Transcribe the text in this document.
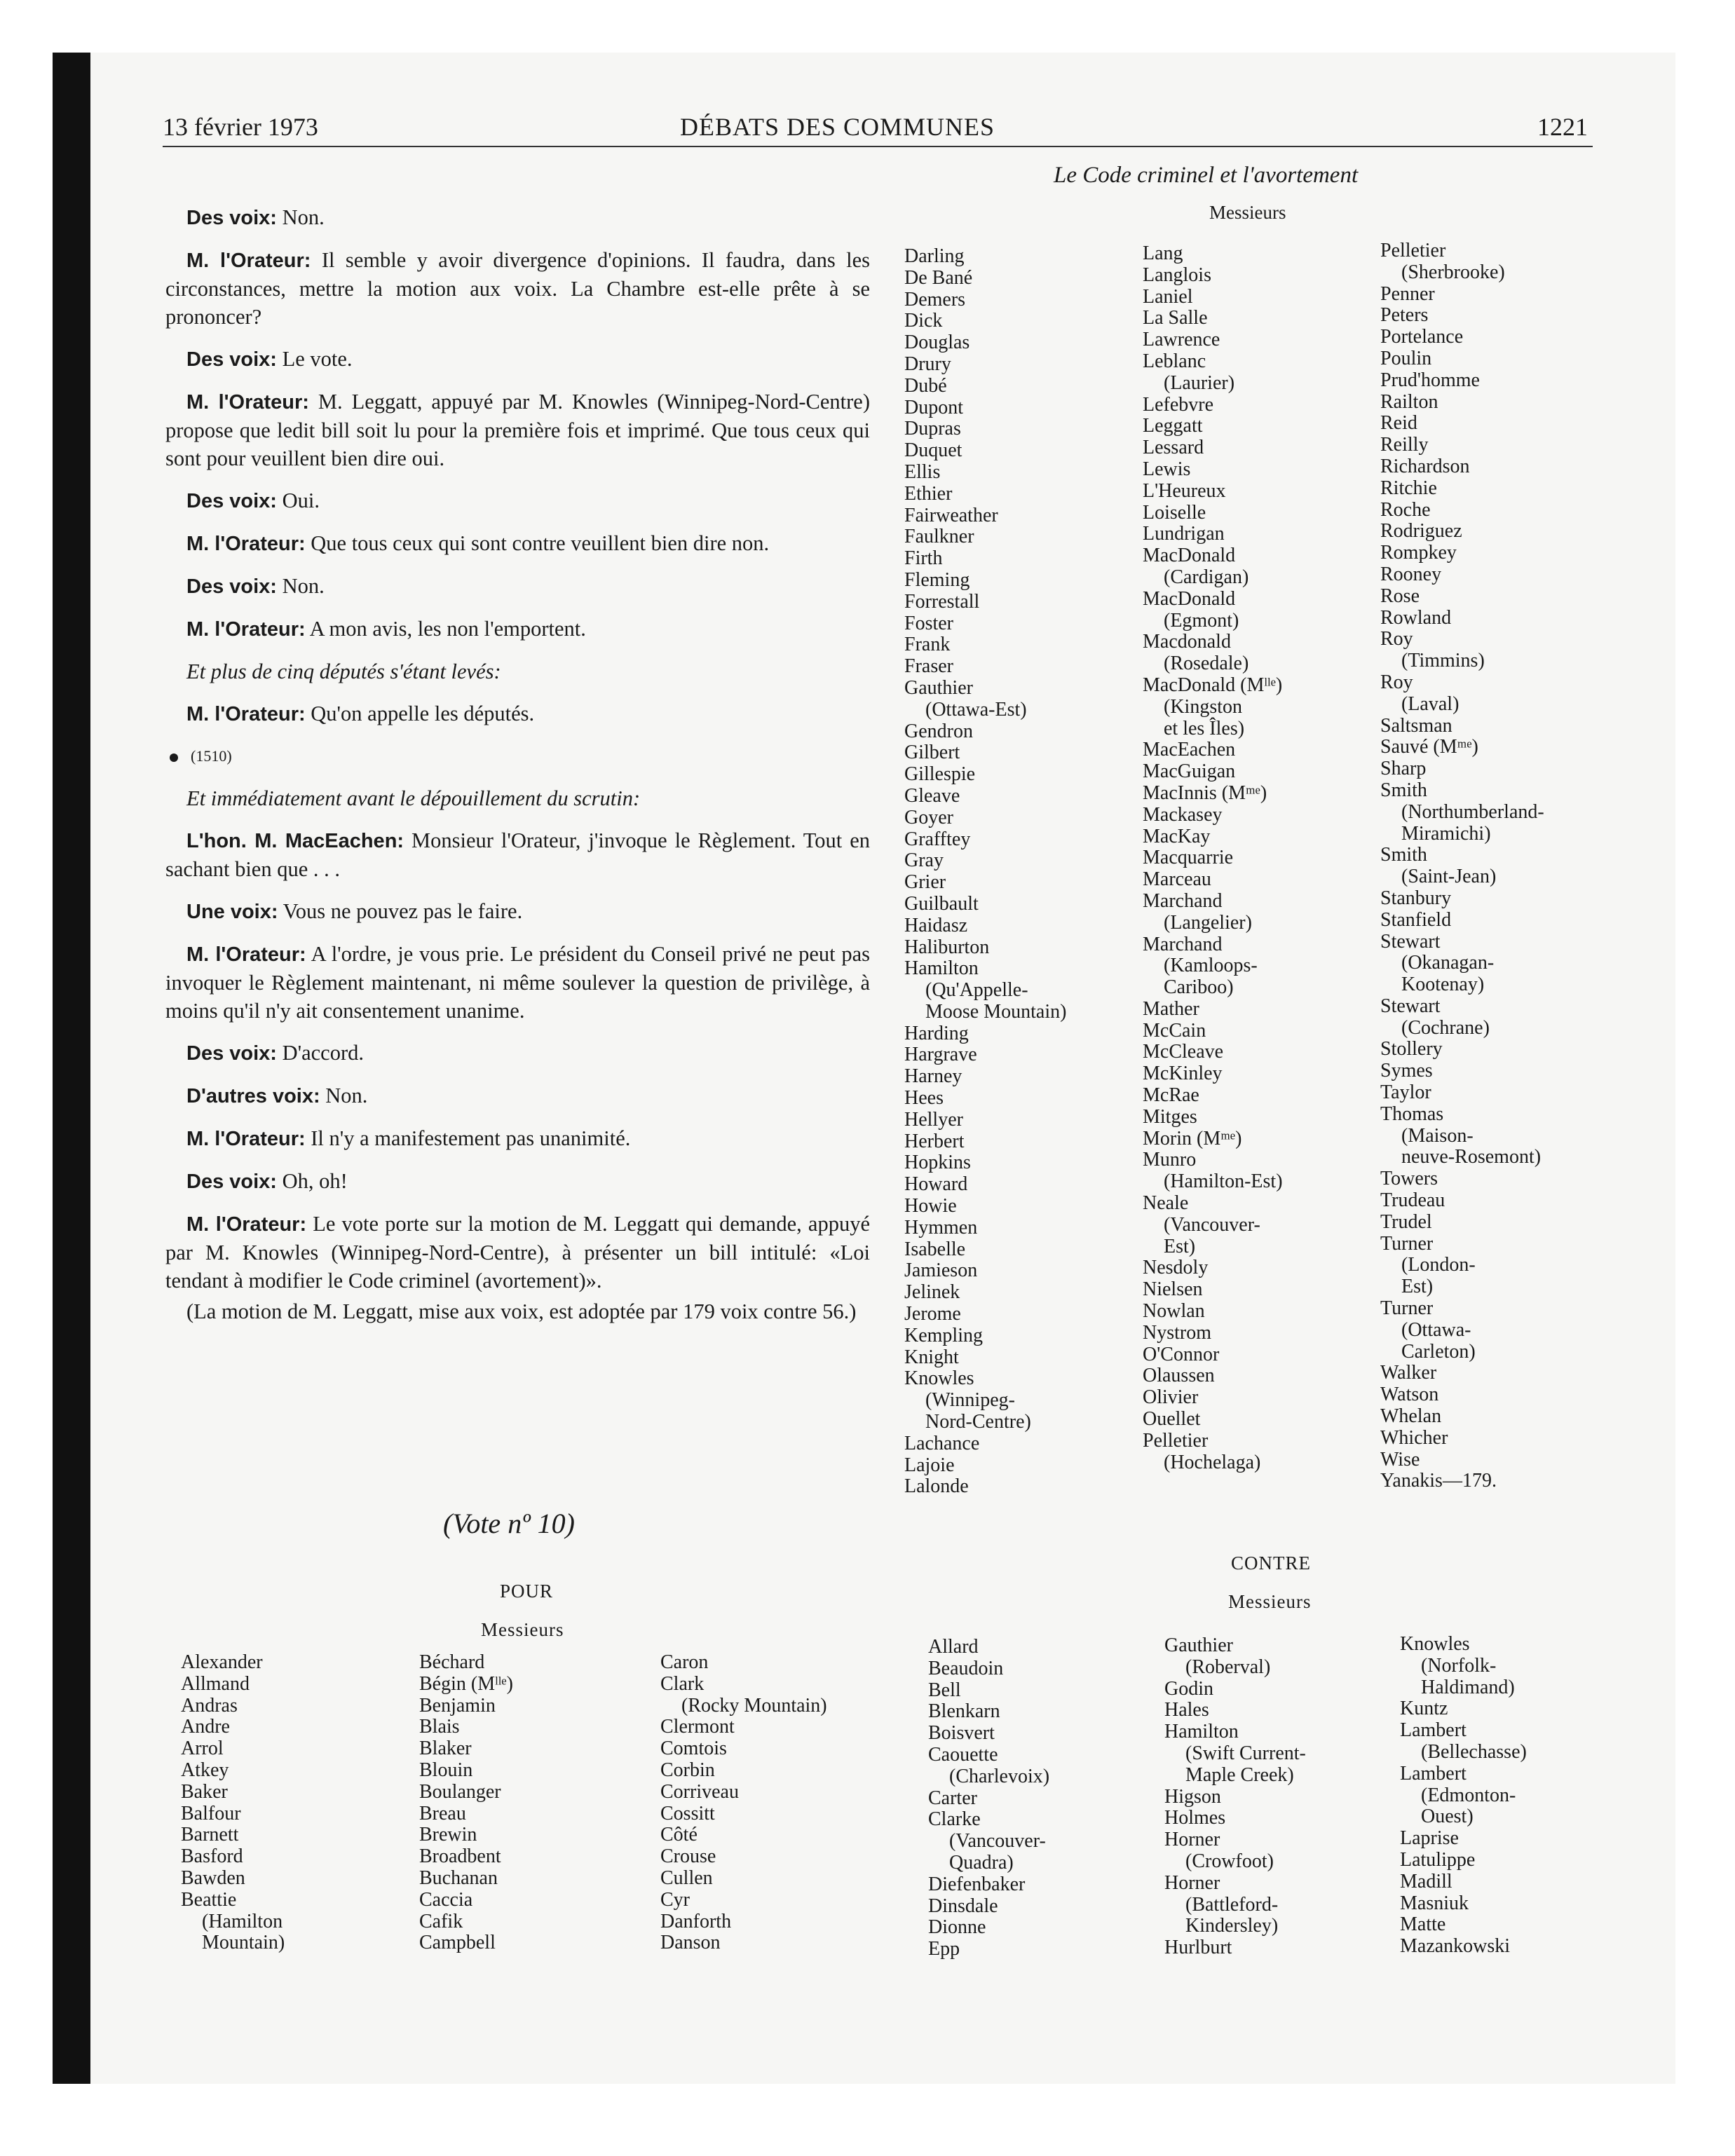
13 février 1973	DÉBATS DES COMMUNES	1221
Des voix: Non.
M. l'Orateur: Il semble y avoir divergence d'opinions. Il faudra, dans les circonstances, mettre la motion aux voix. La Chambre est-elle prête à se prononcer?
Des voix: Le vote.
M. l'Orateur: M. Leggatt, appuyé par M. Knowles (Winnipeg-Nord-Centre) propose que ledit bill soit lu pour la première fois et imprimé. Que tous ceux qui sont pour veuillent bien dire oui.
Des voix: Oui.
M. l'Orateur: Que tous ceux qui sont contre veuillent bien dire non.
Des voix: Non.
M. l'Orateur: A mon avis, les non l'emportent.
Et plus de cinq députés s'étant levés:
M. l'Orateur: Qu'on appelle les députés.
(1510)
Et immédiatement avant le dépouillement du scrutin:
L'hon. M. MacEachen: Monsieur l'Orateur, j'invoque le Règlement. Tout en sachant bien que . . .
Une voix: Vous ne pouvez pas le faire.
M. l'Orateur: A l'ordre, je vous prie. Le président du Conseil privé ne peut pas invoquer le Règlement maintenant, ni même soulever la question de privilège, à moins qu'il n'y ait consentement unanime.
Des voix: D'accord.
D'autres voix: Non.
M. l'Orateur: Il n'y a manifestement pas unanimité.
Des voix: Oh, oh!
M. l'Orateur: Le vote porte sur la motion de M. Leggatt qui demande, appuyé par M. Knowles (Winnipeg-Nord-Centre), à présenter un bill intitulé: «Loi tendant à modifier le Code criminel (avortement)».
(La motion de M. Leggatt, mise aux voix, est adoptée par 179 voix contre 56.)
(Vote nº 10)
POUR
Messieurs
CONTRE
Messieurs
Le Code criminel et l'avortement
Messieurs
Alexander
Allmand
Andras
Andre
Arrol
Atkey
Baker
Balfour
Barnett
Basford
Bawden
Beattie
(Hamilton
Mountain)
Béchard
Bégin (Mˡˡᵉ)
Benjamin
Blais
Blaker
Blouin
Boulanger
Breau
Brewin
Broadbent
Buchanan
Caccia
Cafik
Campbell
Caron
Clark
(Rocky Mountain)
Clermont
Comtois
Corbin
Corriveau
Cossitt
Côté
Crouse
Cullen
Cyr
Danforth
Danson
Darling
De Bané
Demers
Dick
Douglas
Drury
Dubé
Dupont
Dupras
Duquet
Ellis
Ethier
Fairweather
Faulkner
Firth
Fleming
Forrestall
Foster
Frank
Fraser
Gauthier
(Ottawa-Est)
Gendron
Gilbert
Gillespie
Gleave
Goyer
Grafftey
Gray
Grier
Guilbault
Haidasz
Haliburton
Hamilton
(Qu'Appelle-
Moose Mountain)
Harding
Hargrave
Harney
Hees
Hellyer
Herbert
Hopkins
Howard
Howie
Hymmen
Isabelle
Jamieson
Jelinek
Jerome
Kempling
Knight
Knowles
(Winnipeg-
Nord-Centre)
Lachance
Lajoie
Lalonde
Lang
Langlois
Laniel
La Salle
Lawrence
Leblanc
(Laurier)
Lefebvre
Leggatt
Lessard
Lewis
L'Heureux
Loiselle
Lundrigan
MacDonald
(Cardigan)
MacDonald
(Egmont)
Macdonald
(Rosedale)
MacDonald (Mˡˡᵉ)
(Kingston
et les Îles)
MacEachen
MacGuigan
MacInnis (Mᵐᵉ)
Mackasey
MacKay
Macquarrie
Marceau
Marchand
(Langelier)
Marchand
(Kamloops-
Cariboo)
Mather
McCain
McCleave
McKinley
McRae
Mitges
Morin (Mᵐᵉ)
Munro
(Hamilton-Est)
Neale
(Vancouver-
Est)
Nesdoly
Nielsen
Nowlan
Nystrom
O'Connor
Olaussen
Olivier
Ouellet
Pelletier
(Hochelaga)
Pelletier
(Sherbrooke)
Penner
Peters
Portelance
Poulin
Prud'homme
Railton
Reid
Reilly
Richardson
Ritchie
Roche
Rodriguez
Rompkey
Rooney
Rose
Rowland
Roy
(Timmins)
Roy
(Laval)
Saltsman
Sauvé (Mᵐᵉ)
Sharp
Smith
(Northumberland-
Miramichi)
Smith
(Saint-Jean)
Stanbury
Stanfield
Stewart
(Okanagan-
Kootenay)
Stewart
(Cochrane)
Stollery
Symes
Taylor
Thomas
(Maison-
neuve-Rosemont)
Towers
Trudeau
Trudel
Turner
(London-
Est)
Turner
(Ottawa-
Carleton)
Walker
Watson
Whelan
Whicher
Wise
Yanakis—179.
Allard
Beaudoin
Bell
Blenkarn
Boisvert
Caouette
(Charlevoix)
Carter
Clarke
(Vancouver-
Quadra)
Diefenbaker
Dinsdale
Dionne
Epp
Gauthier
(Roberval)
Godin
Hales
Hamilton
(Swift Current-
Maple Creek)
Higson
Holmes
Horner
(Crowfoot)
Horner
(Battleford-
Kindersley)
Hurlburt
Knowles
(Norfolk-
Haldimand)
Kuntz
Lambert
(Bellechasse)
Lambert
(Edmonton-
Ouest)
Laprise
Latulippe
Madill
Masniuk
Matte
Mazankowski
